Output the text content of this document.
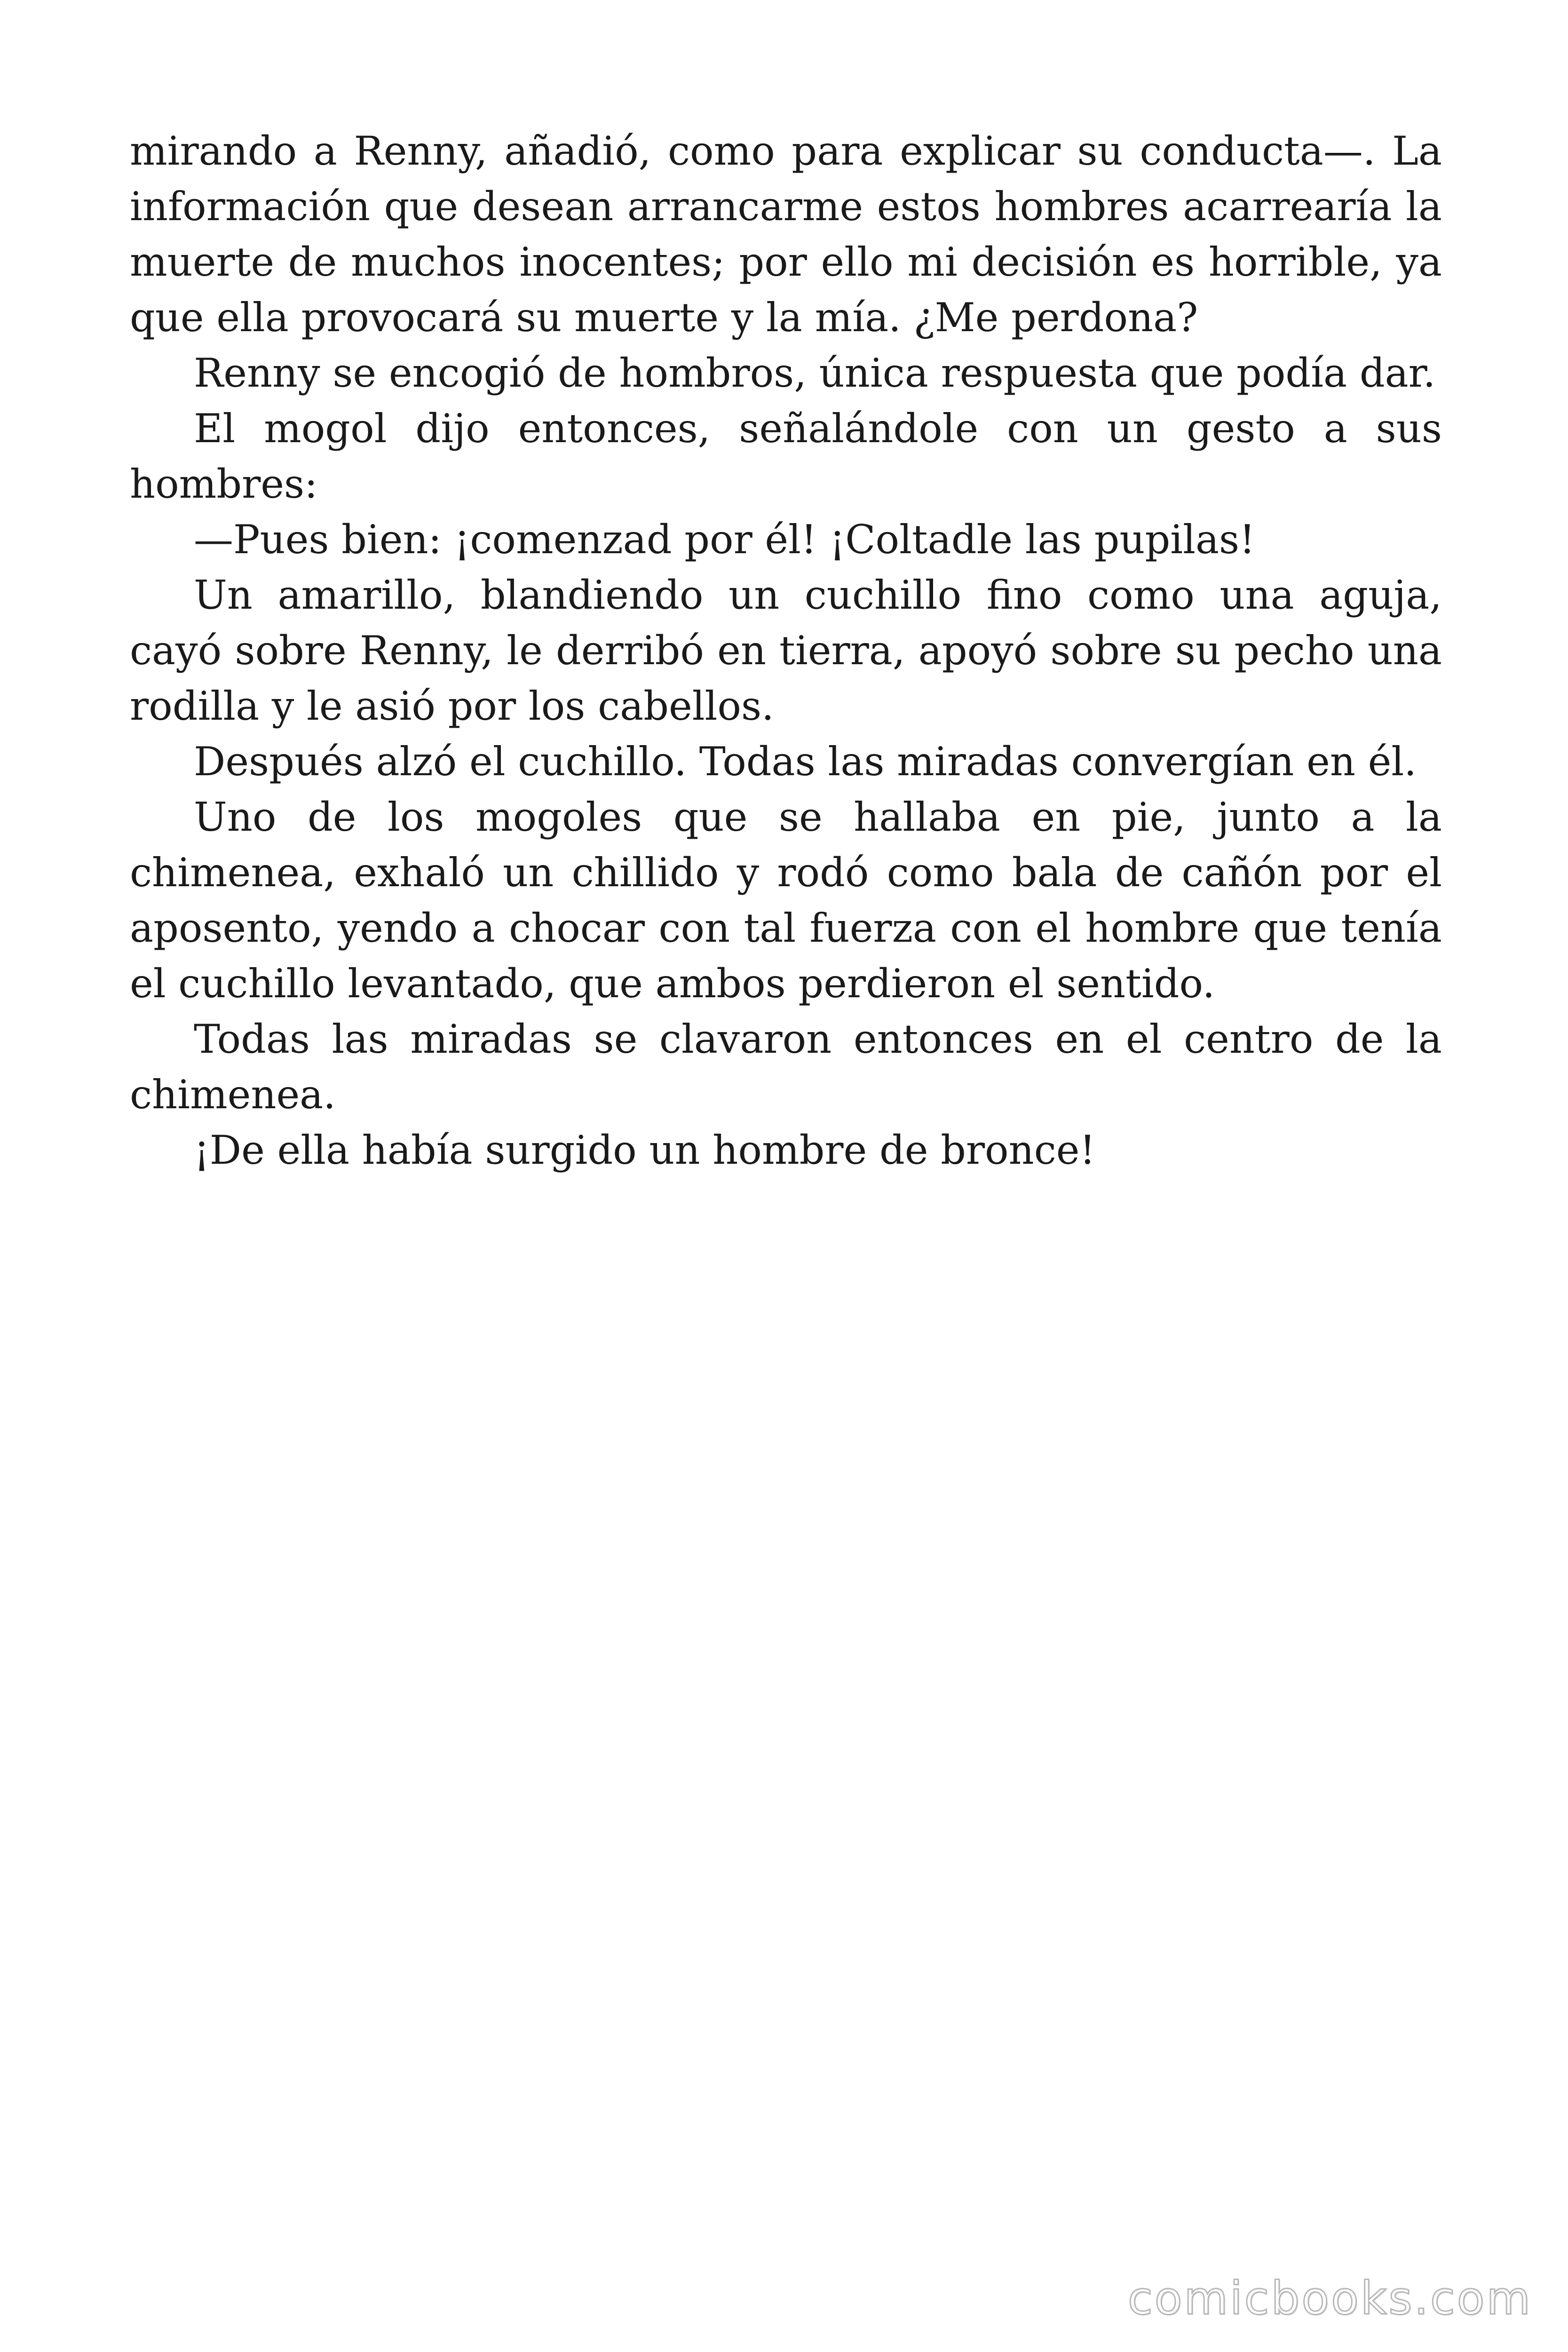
mirando a Renny, añadió, como para explicar su conducta—. La información que desean arrancarme estos hombres acarrearía la muerte de muchos inocentes; por ello mi decisión es horrible, ya que ella provocará su muerte y la mía. ¿Me perdona?

Renny se encogió de hombros, única respuesta que podía dar.

El mogol dijo entonces, señalándole con un gesto a sus hombres:

—Pues bien: ¡comenzad por él! ¡Coltadle las pupilas!

Un amarillo, blandiendo un cuchillo fino como una aguja, cayó sobre Renny, le derribó en tierra, apoyó sobre su pecho una rodilla y le asió por los cabellos.

Después alzó el cuchillo. Todas las miradas convergían en él.

Uno de los mogoles que se hallaba en pie, junto a la chimenea, exhaló un chillido y rodó como bala de cañón por el aposento, yendo a chocar con tal fuerza con el hombre que tenía el cuchillo levantado, que ambos perdieron el sentido.

Todas las miradas se clavaron entonces en el centro de la chimenea.

¡De ella había surgido un hombre de bronce!

comicbooks.com
